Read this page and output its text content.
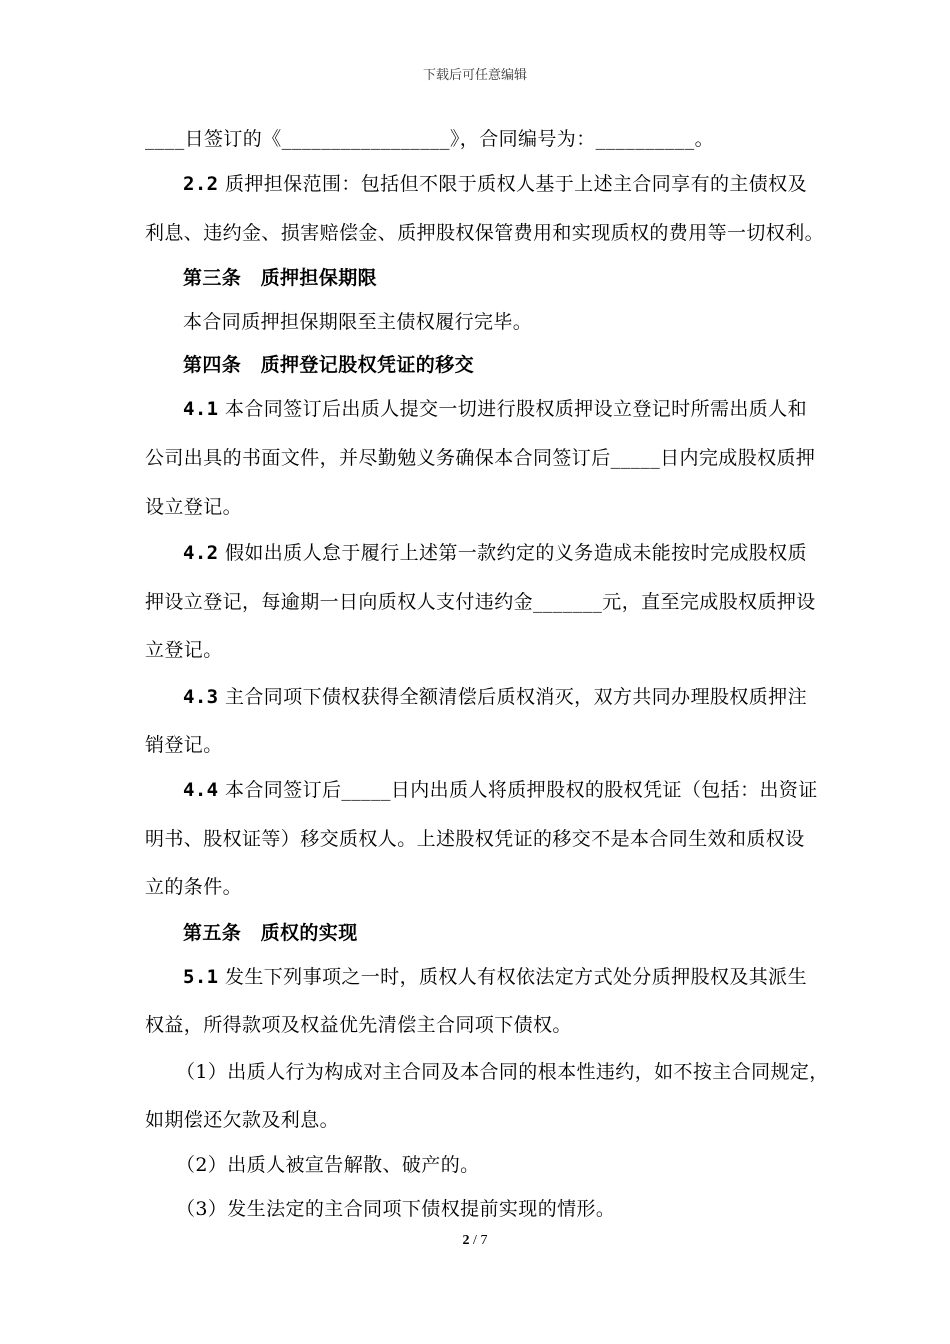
下载后可任意编辑
____日签订的《_________________》，合同编号为：__________。
2.2 质押担保范围：包括但不限于质权人基于上述主合同享有的主债权及
利息、违约金、损害赔偿金、质押股权保管费用和实现质权的费用等一切权利。
第三条　质押担保期限
本合同质押担保期限至主债权履行完毕。
第四条　质押登记股权凭证的移交
4.1 本合同签订后出质人提交一切进行股权质押设立登记时所需出质人和
公司出具的书面文件，并尽勤勉义务确保本合同签订后_____日内完成股权质押
设立登记。
4.2 假如出质人怠于履行上述第一款约定的义务造成未能按时完成股权质
押设立登记，每逾期一日向质权人支付违约金_______元，直至完成股权质押设
立登记。
4.3 主合同项下债权获得全额清偿后质权消灭，双方共同办理股权质押注
销登记。
4.4 本合同签订后_____日内出质人将质押股权的股权凭证（包括：出资证
明书、股权证等）移交质权人。上述股权凭证的移交不是本合同生效和质权设
立的条件。
第五条　质权的实现
5.1 发生下列事项之一时，质权人有权依法定方式处分质押股权及其派生
权益，所得款项及权益优先清偿主合同项下债权。
（1）出质人行为构成对主合同及本合同的根本性违约，如不按主合同规定，
如期偿还欠款及利息。
（2）出质人被宣告解散、破产的。
（3）发生法定的主合同项下债权提前实现的情形。
2 / 7
